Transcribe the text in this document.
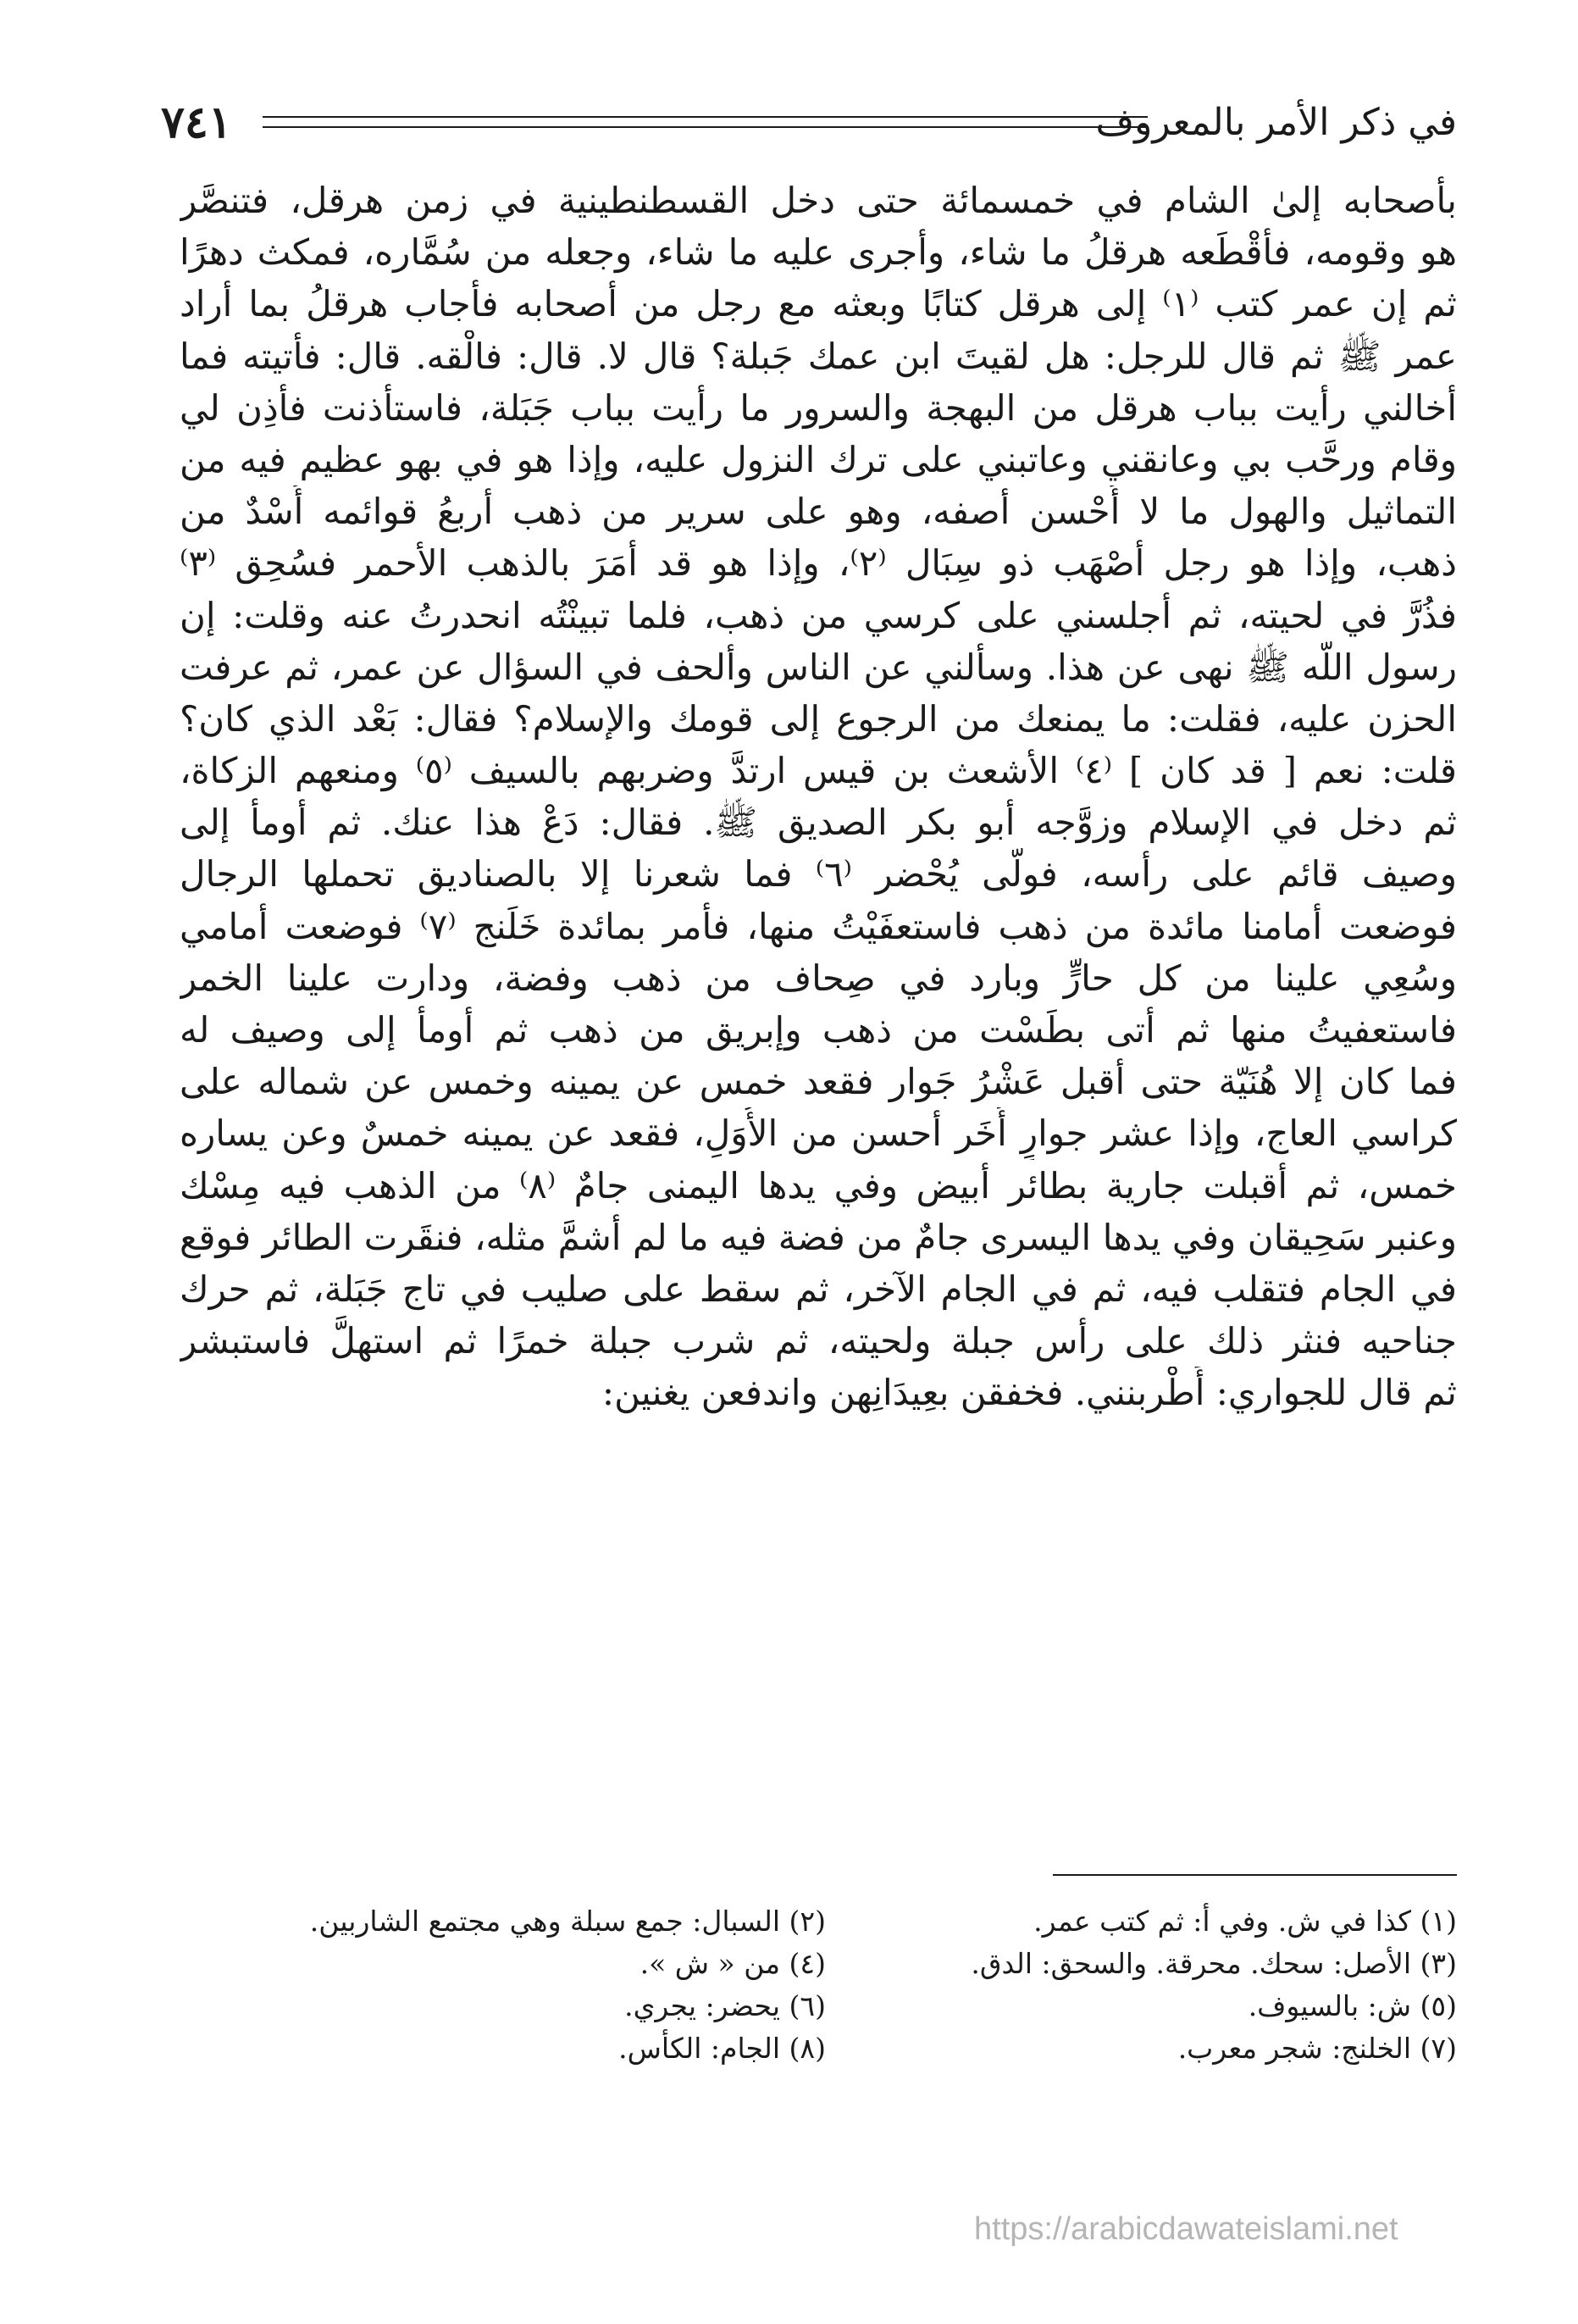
في ذكر الأمر بالمعروف
٧٤١
بأصحابه إلىٰ الشام في خمسمائة حتى دخل القسطنطينية في زمن هرقل، فتنصَّر
هو وقومه، فأقْطَعه هرقلُ ما شاء، وأجرى عليه ما شاء، وجعله من سُمَّاره، فمكث دهرًا
ثم إن عمر كتب ⁽١⁾ إلى هرقل كتابًا وبعثه مع رجل من أصحابه فأجاب هرقلُ بما أراد
عمر ﷺ ثم قال للرجل: هل لقيتَ ابن عمك جَبلة؟ قال لا. قال: فالْقه. قال: فأتيته فما
أخالني رأيت بباب هرقل من البهجة والسرور ما رأيت بباب جَبَلة، فاستأذنت فأذِن لي
وقام ورحَّب بي وعانقني وعاتبني على ترك النزول عليه، وإذا هو في بهو عظيم فيه من
التماثيل والهول ما لا أُحْسن أصفه، وهو على سرير من ذهب أربعُ قوائمه أُسْدٌ من
ذهب، وإذا هو رجل أصْهَب ذو سِبَال ⁽٢⁾، وإذا هو قد أمَرَ بالذهب الأحمر فسُحِق ⁽٣⁾
فذُرَّ في لحيته، ثم أجلسني على كرسي من ذهب، فلما تبينْتُه انحدرتُ عنه وقلت: إن
رسول اللَّه ﷺ نهى عن هذا. وسألني عن الناس وألحف في السؤال عن عمر، ثم عرفت
الحزن عليه، فقلت: ما يمنعك من الرجوع إلى قومك والإسلام؟ فقال: بَعْد الذي كان؟
قلت: نعم [ قد كان ] ⁽٤⁾ الأشعث بن قيس ارتدَّ وضربهم بالسيف ⁽٥⁾ ومنعهم الزكاة،
ثم دخل في الإسلام وزوَّجه أبو بكر الصديق ﷺ. فقال: دَعْ هذا عنك. ثم أومأ إلى
وصيف قائم على رأسه، فولَّى يُحْضر ⁽٦⁾ فما شعرنا إلا بالصناديق تحملها الرجال
فوضعت أمامنا مائدة من ذهب فاستعفَيْتُ منها، فأمر بمائدة خَلَنج ⁽٧⁾ فوضعت أمامي
وسُعِي علينا من كل حارٍّ وبارد في صِحاف من ذهب وفضة، ودارت علينا الخمر
فاستعفيتُ منها ثم أتى بطَسْت من ذهب وإبريق من ذهب ثم أومأ إلى وصيف له
فما كان إلا هُنَيّة حتى أقبل عَشْرُ جَوار فقعد خمس عن يمينه وخمس عن شماله على
كراسي العاج، وإذا عشر جوارٍ أُخَر أحسن من الأُوَلِ، فقعد عن يمينه خمسٌ وعن يساره
خمس، ثم أقبلت جارية بطائر أبيض وفي يدها اليمنى جامٌ ⁽٨⁾ من الذهب فيه مِسْك
وعنبر سَحِيقان وفي يدها اليسرى جامٌ من فضة فيه ما لم أشمَّ مثله، فنقَرت الطائر فوقع
في الجام فتقلب فيه، ثم في الجام الآخر، ثم سقط على صليب في تاج جَبَلة، ثم حرك
جناحيه فنثر ذلك على رأس جبلة ولحيته، ثم شرب جبلة خمرًا ثم استهلَّ فاستبشر
ثم قال للجواري: أَطْربنني. فخفقن بعِيدَانِهن واندفعن يغنين:
(١) كذا في ش. وفي أ: ثم كتب عمر.
(٣) الأصل: سحك. محرقة. والسحق: الدق.
(٥) ش: بالسيوف.
(٧) الخلنج: شجر معرب.
(٢) السبال: جمع سبلة وهي مجتمع الشاربين.
(٤) من « ش ».
(٦) يحضر: يجري.
(٨) الجام: الكأس.
https://arabicdawateislami.net
